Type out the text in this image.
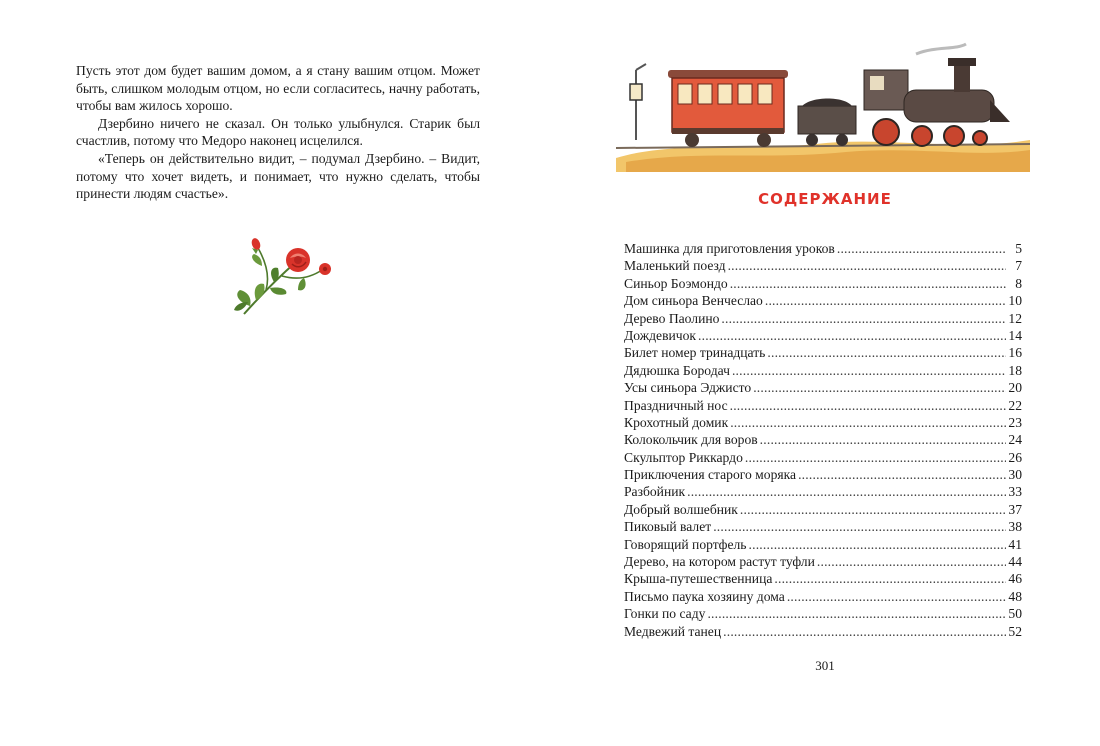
Пусть этот дом будет вашим домом, а я стану вашим отцом. Может быть, слишком молодым отцом, но если согласитесь, начну работать, чтобы вам жилось хорошо.

Дзербино ничего не сказал. Он только улыбнулся. Старик был счастлив, потому что Медоро наконец исцелился.

«Теперь он действительно видит, – подумал Дзербино. – Видит, потому что хочет видеть, и понимает, что нужно сделать, чтобы принести людям счастье».	СОДЕРЖАНИЕ
Машинка для приготовления уроков . . .	5
Маленький поезд . . .	7
Синьор Боэмондо . . .	8
Дом синьора Венчеслао . . .	10
Дерево Паолино . . .	12
Дождевичок . . .	14
Билет номер тринадцать . . .	16
Дядюшка Бородач . . .	18
Усы синьора Эджисто . . .	20
Праздничный нос . . .	22
Крохотный домик . . .	23
Колокольчик для воров . . .	24
Скульптор Риккардо . . .	26
Приключения старого моряка . . .	30
Разбойник . . .	33
Добрый волшебник . . .	37
Пиковый валет . . .	38
Говорящий портфель . . .	41
Дерево, на котором растут туфли . . .	44
Крыша-путешественница . . .	46
Письмо паука хозяину дома . . .	48
Гонки по саду . . .	50
Медвежий танец . . .	52

301
